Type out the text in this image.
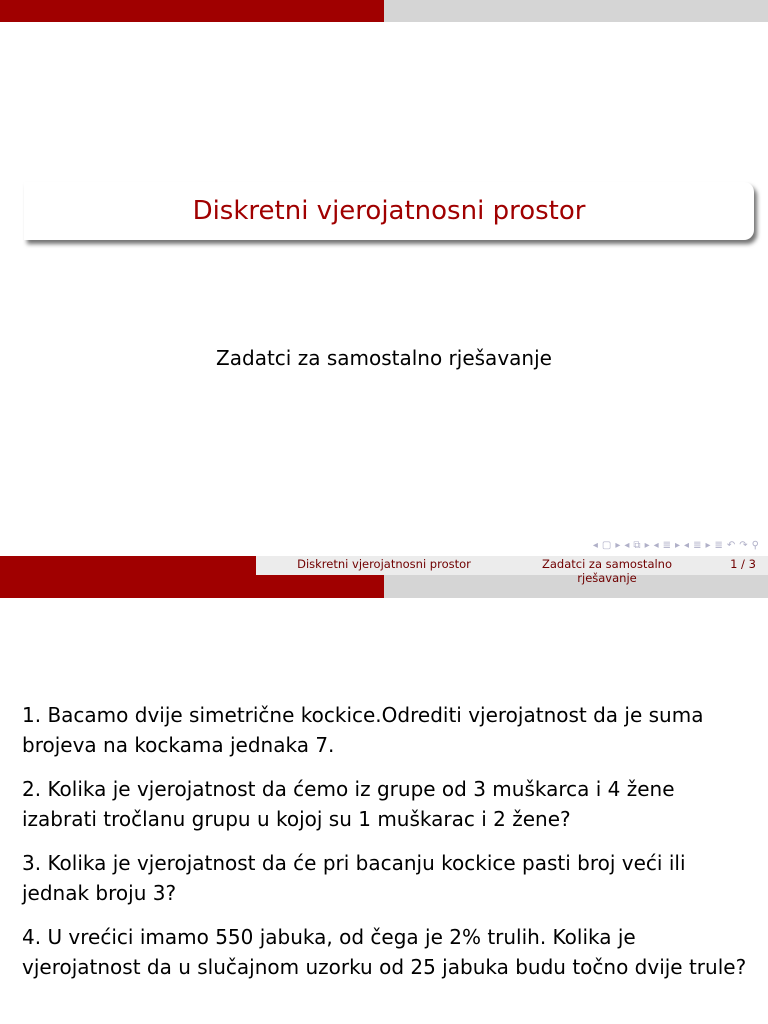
Diskretni vjerojatnosni prostor
Zadatci za samostalno rješavanje
◂ ▢ ▸ ◂ ⧉ ▸ ◂ ≣ ▸ ◂ ≣ ▸ ≣ ↶ ↷ ⚲
Diskretni vjerojatnosni prostor	Zadatci za samostalno rješavanje
1 / 3

1. Bacamo dvije simetrične kockice.Odrediti vjerojatnost da je suma brojeva na kockama jednaka 7.

2. Kolika je vjerojatnost da ćemo iz grupe od 3 muškarca i 4 žene izabrati tročlanu grupu u kojoj su 1 muškarac i 2 žene?

3. Kolika je vjerojatnost da će pri bacanju kockice pasti broj veći ili jednak broju 3?

4. U vrećici imamo 550 jabuka, od čega je 2% trulih. Kolika je vjerojatnost da u slučajnom uzorku od 25 jabuka budu točno dvije trule?
